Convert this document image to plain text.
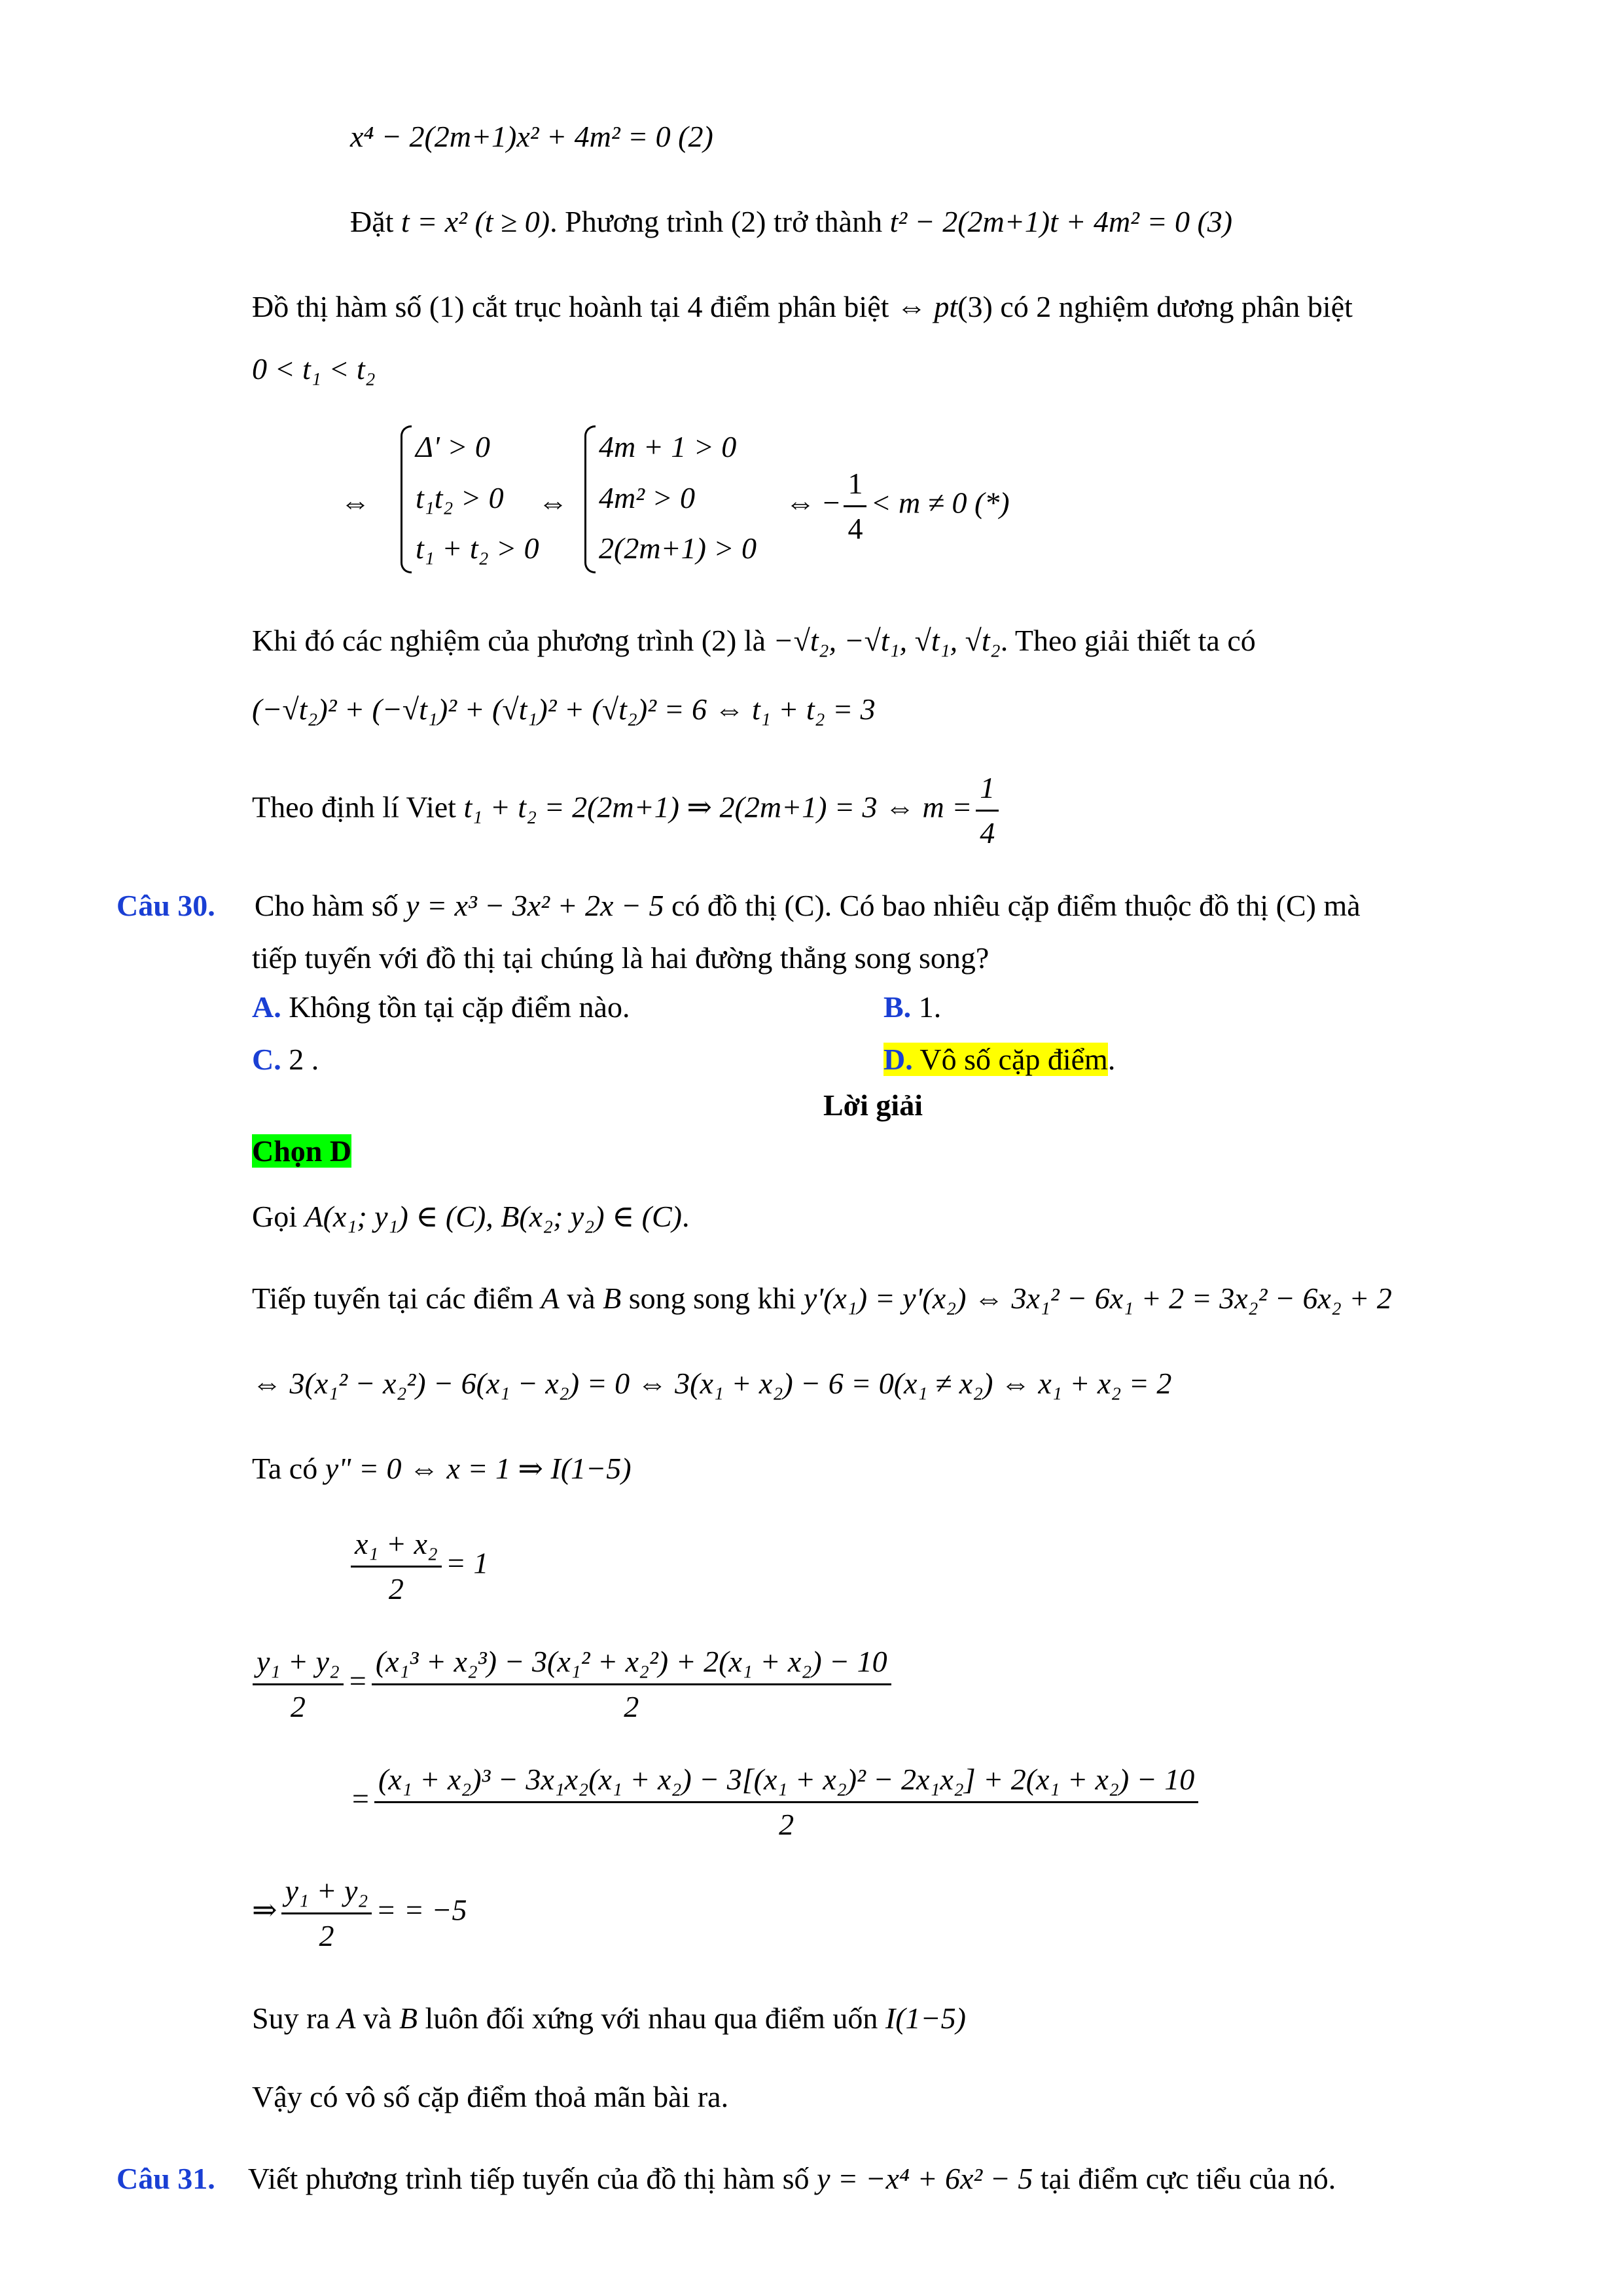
x⁴ − 2(2m+1)x² + 4m² = 0 (2)
Đặt t = x² (t ≥ 0). Phương trình (2) trở thành t² − 2(2m+1)t + 4m² = 0 (3)
Đồ thị hàm số (1) cắt trục hoành tại 4 điểm phân biệt ⇔ pt(3) có 2 nghiệm dương phân biệt
0 < t₁ < t₂
⇔
Δ' > 0
t₁t₂ > 0
t₁ + t₂ > 0
⇔
4m + 1 > 0
4m² > 0
2(2m+1) > 0
⇔ − $\frac{1}{4} < m \ne 0$ (*)
Khi đó các nghiệm của phương trình (2) là −√t₂, −√t₁, √t₁, √t₂. Theo giải thiết ta có
(−√t₂)² + (−√t₁)² + (√t₁)² + (√t₂)² = 6 ⇔ t₁ + t₂ = 3
Theo định lí Viet t₁ + t₂ = 2(2m+1) ⇒ 2(2m+1) = 3 ⇔ $m = \frac{1}{4}$
Câu 30. Cho hàm số y = x³ − 3x² + 2x − 5 có đồ thị (C). Có bao nhiêu cặp điểm thuộc đồ thị (C) mà
tiếp tuyến với đồ thị tại chúng là hai đường thẳng song song?
A. Không tồn tại cặp điểm nào.	B. 1.
C. 2 .	D. Vô số cặp điểm.
Lời giải
Chọn D
Gọi A(x₁; y₁) ∈ (C), B(x₂; y₂) ∈ (C).
Tiếp tuyến tại các điểm A và B song song khi y'(x₁) = y'(x₂) ⇔ 3x₁² − 6x₁ + 2 = 3x₂² − 6x₂ + 2
⇔ 3(x₁² − x₂²) − 6(x₁ − x₂) = 0 ⇔ 3(x₁ + x₂) − 6 = 0(x₁ ≠ x₂) ⇔ x₁ + x₂ = 2
Ta có y" = 0 ⇔ x = 1 ⇒ I(1−5)
$\frac{\text{x₁ + x₂}}{2} = 1$
$\frac{\text{y₁ + y₂}}{2} = \frac{\text{(x₁³ + x₂³) − 3(x₁² + x₂²) + 2(x₁ + x₂) − 10}}{2}$
=
(x₁ + x₂)³ − 3x₁x₂(x₁ + x₂) − 3[(x₁ + x₂)² − 2x₁x₂] + 2(x₁ + x₂) − 10
2
⇒ $\frac{\text{y₁ + y₂}}{2}$ = = −5
Suy ra A và B luôn đối xứng với nhau qua điểm uốn I(1−5)
Vậy có vô số cặp điểm thoả mãn bài ra.
Câu 31. Viết phương trình tiếp tuyến của đồ thị hàm số y = −x⁴ + 6x² − 5 tại điểm cực tiểu của nó.
